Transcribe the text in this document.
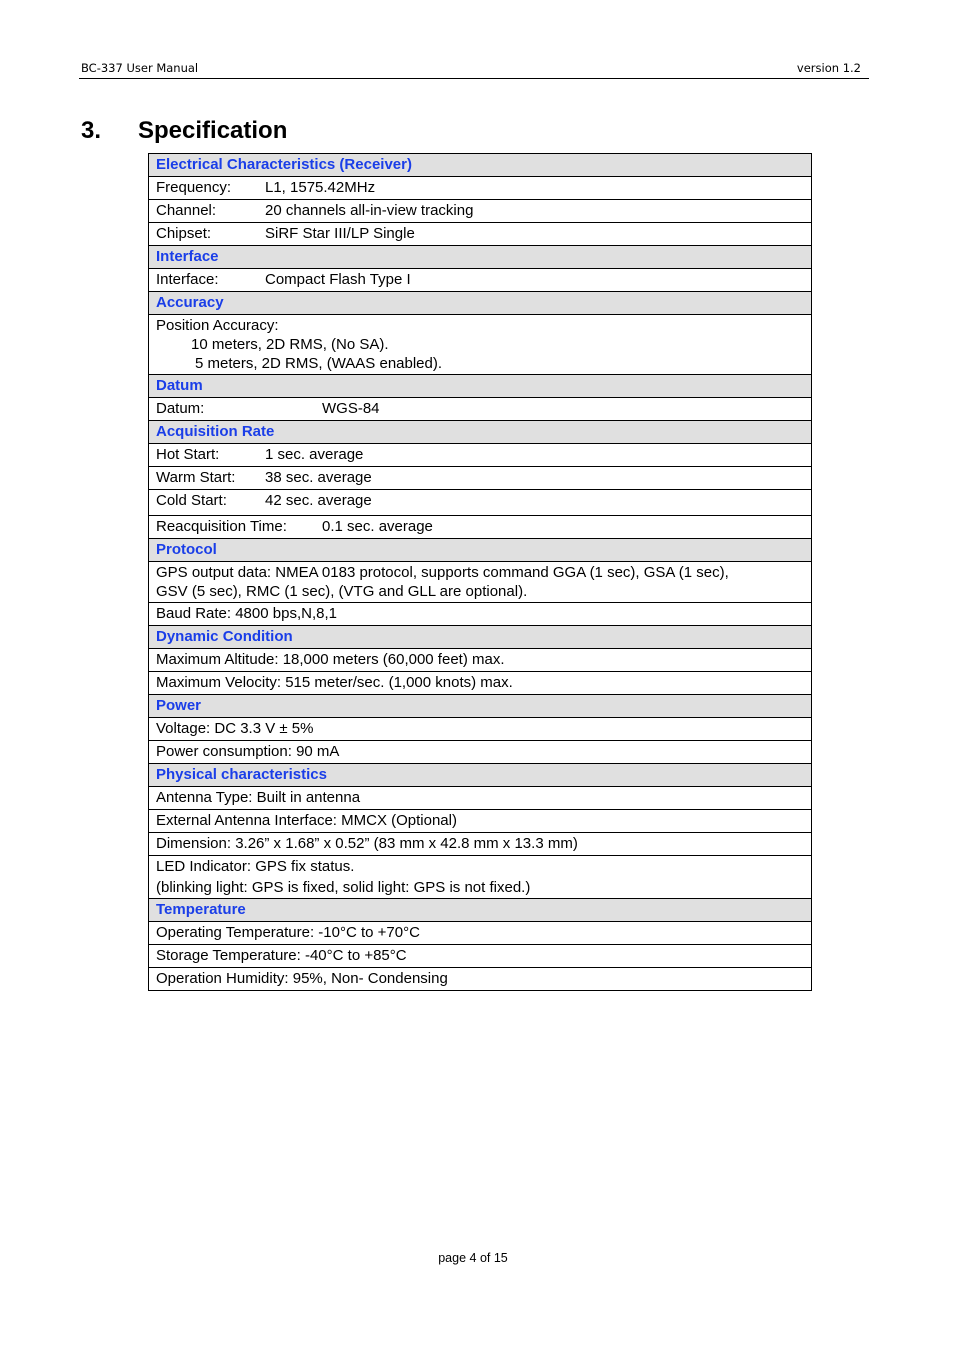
BC-337 User Manual	version 1.2
3. Specification
Electrical Characteristics (Receiver)
Frequency: L1, 1575.42MHz
Channel:	20 channels all-in-view tracking
Chipset:	SiRF Star III/LP Single
Interface
Interface:	Compact Flash Type I
Accuracy

Position Accuracy:
10 meters, 2D RMS, (No SA).
5 meters, 2D RMS, (WAAS enabled).

Datum
Datum:	WGS-84
Acquisition Rate
Hot Start:	1 sec. average
Warm Start: 38 sec. average
Cold Start:	42 sec. average
Reacquisition Time: 0.1 sec. average
Protocol

GPS output data: NMEA 0183 protocol, supports command GGA (1 sec), GSA (1 sec),
GSV (5 sec), RMC (1 sec), (VTG and GLL are optional).

Baud Rate: 4800 bps,N,8,1
Dynamic Condition
Maximum Altitude: 18,000 meters (60,000 feet) max.
Maximum Velocity: 515 meter/sec. (1,000 knots) max.
Power
Voltage: DC 3.3 V ± 5%
Power consumption: 90 mA
Physical characteristics
Antenna Type: Built in antenna
External Antenna Interface: MMCX (Optional)
Dimension: 3.26” x 1.68” x 0.52” (83 mm x 42.8 mm x 13.3 mm)

LED Indicator: GPS fix status.
(blinking light: GPS is fixed, solid light: GPS is not fixed.)

Temperature
Operating Temperature: -10°C to +70°C
Storage Temperature: -40°C to +85°C
Operation Humidity: 95%, Non- Condensing
page 4 of 15
